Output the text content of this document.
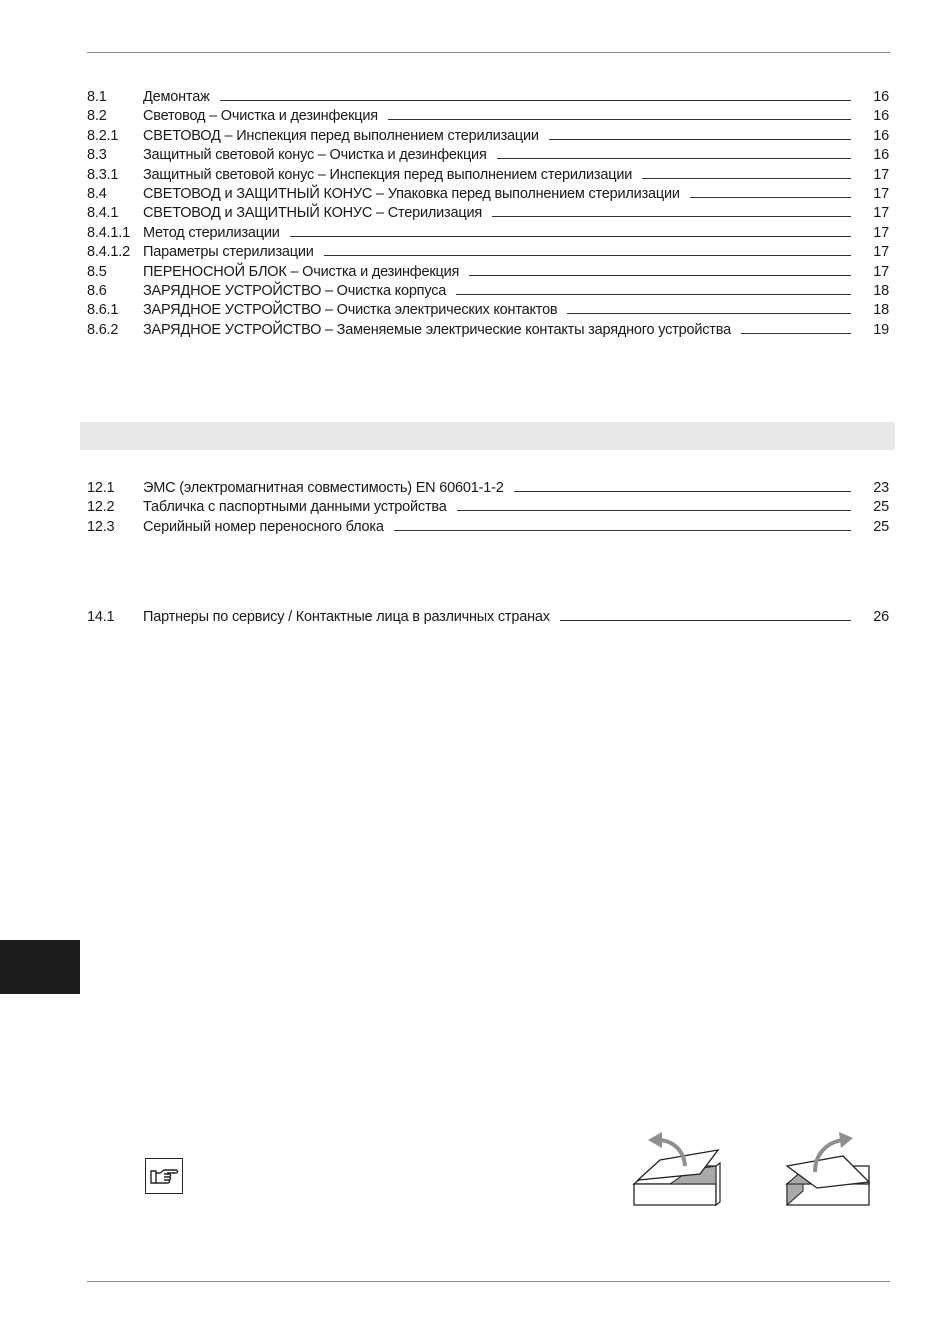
8.1	Демонтаж	16
8.2	Световод – Очистка и дезинфекция	16
8.2.1	СВЕТОВОД – Инспекция перед выполнением стерилизации	16
8.3	Защитный световой конус – Очистка и дезинфекция	16
8.3.1	Защитный световой конус – Инспекция перед выполнением стерилизации	17
8.4	СВЕТОВОД и ЗАЩИТНЫЙ КОНУС – Упаковка перед выполнением стерилизации	17
8.4.1	СВЕТОВОД и ЗАЩИТНЫЙ КОНУС – Стерилизация	17
8.4.1.1 Метод стерилизации	17
8.4.1.2 Параметры стерилизации	17
8.5	ПЕРЕНОСНОЙ БЛОК – Очистка и дезинфекция	17
8.6	ЗАРЯДНОЕ УСТРОЙСТВО – Очистка корпуса	18
8.6.1	ЗАРЯДНОЕ УСТРОЙСТВО – Очистка электрических контактов	18
8.6.2	ЗАРЯДНОЕ УСТРОЙСТВО – Заменяемые электрические контакты зарядного устройства	19
12.1	ЭМС (электромагнитная совместимость) EN 60601-1-2	23
12.2	Табличка с паспортными данными устройства	25
12.3	Серийный номер переносного блока	25
14.1	Партнеры по сервису / Контактные лица в различных странах	26
